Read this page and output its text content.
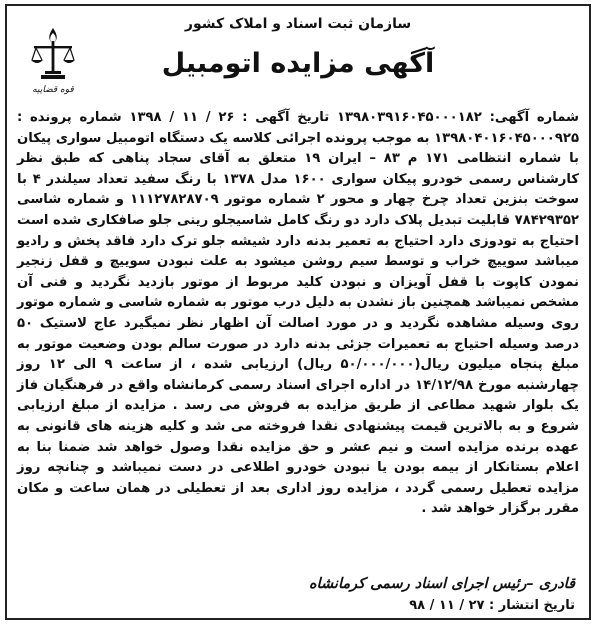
قوه قضاییه
سازمان ثبت اسناد و املاک کشور
آگهی مزایده اتومبیل
شماره آگهی: ۱۳۹۸۰۳۹۱۶۰۴۵۰۰۰۱۸۲ تاریخ آگهی : ۲۶ / ۱۱ / ۱۳۹۸ شماره پرونده : ۱۳۹۸۰۴۰۱۶۰۴۵۰۰۰۹۲۵ به موجب پرونده اجرائی کلاسه یک دستگاه اتومبیل سواری پیکان با شماره انتظامی ۱۷۱ م ۸۳ – ایران ۱۹ متعلق به آقای سجاد پناهی که طبق نظر کارشناس رسمی خودرو پیکان سواری ۱۶۰۰ مدل ۱۳۷۸ با رنگ سفید تعداد سیلندر ۴ با سوخت بنزین تعداد چرخ چهار و محور ۲ شماره موتور ۱۱۱۲۷۸۲۸۷۰۹ و شماره شاسی ۷۸۴۲۹۳۵۲ قابلیت تبدیل پلاک دارد دو رنگ کامل شاسیجلو رینی جلو صافکاری شده است احتیاج به تودوزی دارد احتیاج به تعمیر بدنه دارد شیشه جلو ترک دارد فاقد پخش و رادیو میباشد سوییچ خراب و توسط سیم روشن میشود به علت نبودن سوییچ و قفل زنجیر نمودن کاپوت با قفل آویزان و نبودن کلید مربوط از موتور بازدید نگردید و فنی آن مشخص نمیباشد همچنین باز نشدن به دلیل درب موتور به شماره شاسی و شماره موتور روی وسیله مشاهده نگردید و در مورد اصالت آن اظهار نظر نمیگیرد عاج لاستیک ۵۰ درصد وسیله احتیاج به تعمیرات جزئی بدنه دارد در صورت سالم بودن وضعیت موتور به مبلغ پنجاه میلیون ریال(۵۰/۰۰۰/۰۰۰ ریال) ارزیابی شده ، از ساعت ۹ الی ۱۲ روز چهارشنبه مورخ ۱۴/۱۲/۹۸ در اداره اجرای اسناد رسمی کرمانشاه واقع در فرهنگیان فاز یک بلوار شهید مطاعی از طریق مزایده به فروش می رسد . مزایده از مبلغ ارزیابی شروع و به بالاترین قیمت پیشنهادی نقدا فروخته می شد و کلیه هزینه های قانونی به عهده برنده مزایده است و نیم عشر و حق مزایده نقدا وصول خواهد شد ضمنا بنا به اعلام بستانکار از بیمه بودن یا نبودن خودرو اطلاعی در دست نمیباشد و چنانچه روز مزایده تعطیل رسمی گردد ، مزایده روز اداری بعد از تعطیلی در همان ساعت و مکان مقرر برگزار خواهد شد .
قادری –رئیس اجرای اسناد رسمی کرمانشاه
تاریخ انتشار : ۲۷ / ۱۱ / ۹۸
